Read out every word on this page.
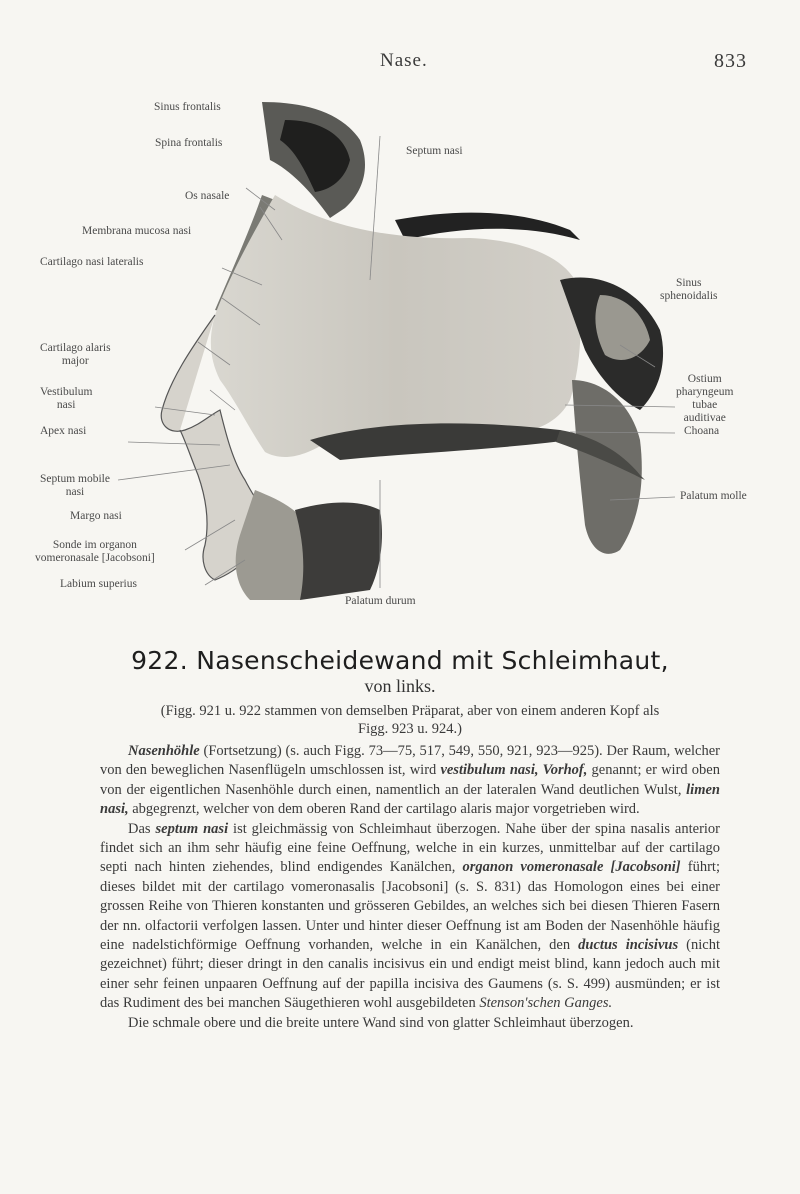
Nase.	833
Sinus frontalis
Spina frontalis
Septum nasi
Os nasale
Membrana mucosa nasi
Cartilago nasi lateralis
Sinus
sphenoidalis
Cartilago alaris
major
Ostium
pharyngeum
tubae
auditivae
Vestibulum
nasi
Apex nasi	Choana
Septum mobile
nasi	Palatum molle
Margo nasi
Sonde im organon
vomeronasale [Jacobsoni]
Labium superius
Palatum durum
922. Nasenscheidewand mit Schleimhaut,
von links.
(Figg. 921 u. 922 stammen von demselben Präparat, aber von einem anderen Kopf als
Figg. 923 u. 924.)

Nasenhöhle (Fortsetzung) (s. auch Figg. 73—75, 517, 549, 550, 921, 923—925). Der Raum, welcher von den beweglichen Nasenflügeln umschlossen ist, wird vestibulum nasi, Vorhof, genannt; er wird oben von der eigentlichen Nasenhöhle durch einen, namentlich an der lateralen Wand deutlichen Wulst, limen nasi, abgegrenzt, welcher von dem oberen Rand der cartilago alaris major vorgetrieben wird.

Das septum nasi ist gleichmässig von Schleimhaut überzogen. Nahe über der spina nasalis anterior findet sich an ihm sehr häufig eine feine Oeffnung, welche in ein kurzes, unmittelbar auf der cartilago septi nach hinten ziehendes, blind endigendes Kanälchen, organon vomeronasale [Jacobsoni] führt; dieses bildet mit der cartilago vomeronasalis [Jacobsoni] (s. S. 831) das Homologon eines bei einer grossen Reihe von Thieren konstanten und grösseren Gebildes, an welches sich bei diesen Thieren Fasern der nn. olfactorii verfolgen lassen. Unter und hinter dieser Oeffnung ist am Boden der Nasenhöhle häufig eine nadelstichförmige Oeffnung vorhanden, welche in ein Kanälchen, den ductus incisivus (nicht gezeichnet) führt; dieser dringt in den canalis incisivus ein und endigt meist blind, kann jedoch auch mit einer sehr feinen unpaaren Oeffnung auf der papilla incisiva des Gaumens (s. S. 499) ausmünden; er ist das Rudiment des bei manchen Säugethieren wohl ausgebildeten Stenson'schen Ganges.

Die schmale obere und die breite untere Wand sind von glatter Schleimhaut überzogen.
